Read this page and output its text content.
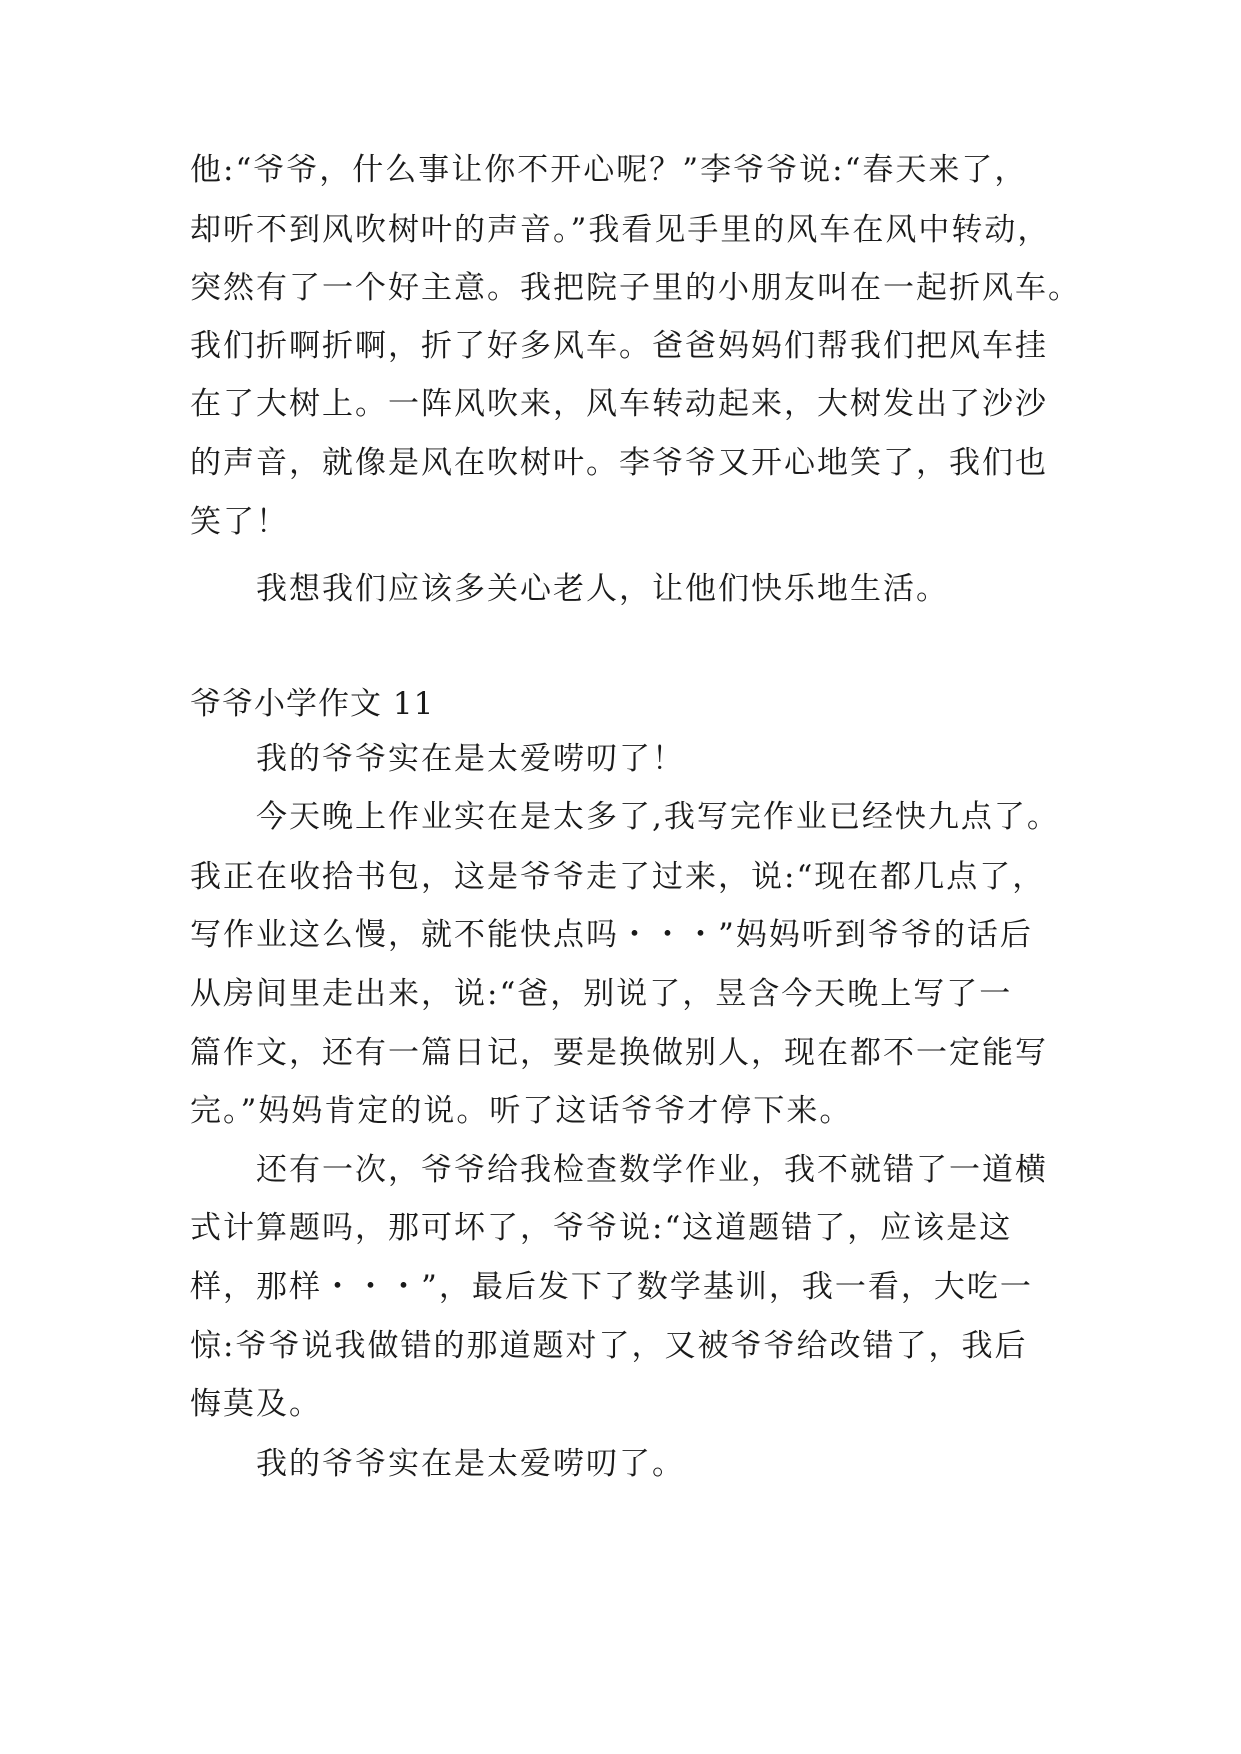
他:“爷爷，什么事让你不开心呢？”李爷爷说:“春天来了，
却听不到风吹树叶的声音。”我看见手里的风车在风中转动，
突然有了一个好主意。我把院子里的小朋友叫在一起折风车。
我们折啊折啊，折了好多风车。爸爸妈妈们帮我们把风车挂
在了大树上。一阵风吹来，风车转动起来，大树发出了沙沙
的声音，就像是风在吹树叶。李爷爷又开心地笑了，我们也
笑了！
我想我们应该多关心老人，让他们快乐地生活。
爷爷小学作文 11
我的爷爷实在是太爱唠叨了！
今天晚上作业实在是太多了,我写完作业已经快九点了。
我正在收拾书包，这是爷爷走了过来，说:“现在都几点了，
写作业这么慢，就不能快点吗・・・”妈妈听到爷爷的话后
从房间里走出来，说:“爸，别说了，昱含今天晚上写了一
篇作文，还有一篇日记，要是换做别人，现在都不一定能写
完。”妈妈肯定的说。听了这话爷爷才停下来。
还有一次，爷爷给我检查数学作业，我不就错了一道横
式计算题吗，那可坏了，爷爷说:“这道题错了，应该是这
样，那样・・・”，最后发下了数学基训，我一看，大吃一
惊:爷爷说我做错的那道题对了，又被爷爷给改错了，我后
悔莫及。
我的爷爷实在是太爱唠叨了。
